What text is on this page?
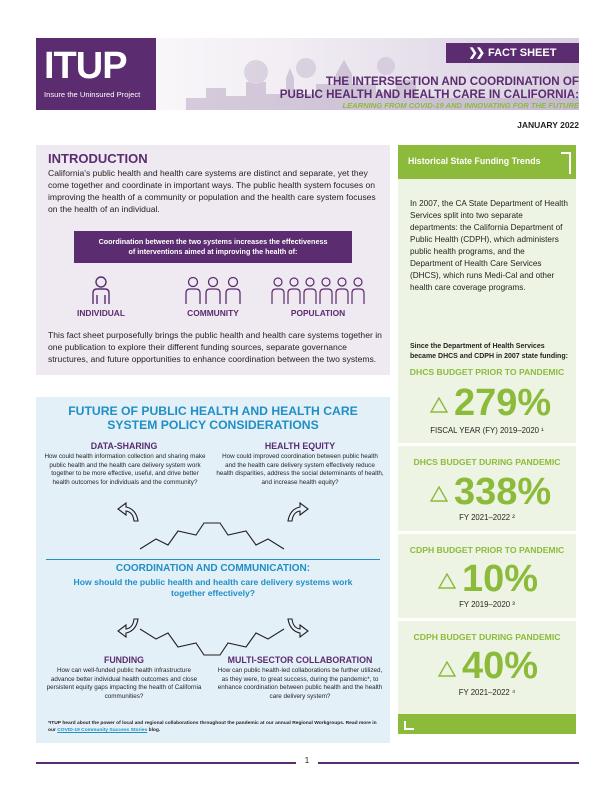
ITUP
Insure the Uninsured Project
❯❯ FACT SHEET
THE INTERSECTION AND COORDINATION OF
PUBLIC HEALTH AND HEALTH CARE IN CALIFORNIA:
LEARNING FROM COVID-19 AND INNOVATING FOR THE FUTURE
JANUARY 2022
INTRODUCTION
California's public health and health care systems are distinct and separate, yet they come together and coordinate in important ways. The public health system focuses on improving the health of a community or population and the health care system focuses on the health of an individual.
Coordination between the two systems increases the effectiveness
of interventions aimed at improving the health of:
INDIVIDUAL	COMMUNITY	POPULATION
This fact sheet purposefully brings the public health and health care systems together in one publication to explore their different funding sources, separate governance structures, and future opportunities to enhance coordination between the two systems.
FUTURE OF PUBLIC HEALTH AND HEALTH CARE
SYSTEM POLICY CONSIDERATIONS
DATA-SHARING
How could health information collection and sharing make public health and the health care delivery system work together to be more effective, useful, and drive better health outcomes for individuals and the community?
HEALTH EQUITY
How could improved coordination between public health and the health care delivery system effectively reduce health disparities, address the social determinants of health, and increase health equity?
COORDINATION AND COMMUNICATION:
How should the public health and health care delivery systems work together effectively?
FUNDING
How can well-funded public health infrastructure advance better individual health outcomes and close persistent equity gaps impacting the health of California communities?
MULTI-SECTOR COLLABORATION
How can public health-led collaborations be further utilized, as they were, to great success, during the pandemic*, to enhance coordination between public health and the health care delivery system?
*ITUP heard about the power of local and regional collaborations throughout the pandemic at our annual Regional Workgroups. Read more in our COVID-19 Community Success Stories blog.
Historical State Funding Trends
In 2007, the CA State Department of Health Services split into two separate departments: the California Department of Public Health (CDPH), which administers public health programs, and the Department of Health Care Services (DHCS), which runs Medi-Cal and other health care coverage programs.
Since the Department of Health Services became DHCS and CDPH in 2007 state funding:
DHCS BUDGET PRIOR TO PANDEMIC
279%
FISCAL YEAR (FY) 2019–2020 ¹
DHCS BUDGET DURING PANDEMIC
338%
FY 2021–2022 ²
CDPH BUDGET PRIOR TO PANDEMIC
10%
FY 2019–2020 ³
CDPH BUDGET DURING PANDEMIC
40%
FY 2021–2022 ⁴
1
